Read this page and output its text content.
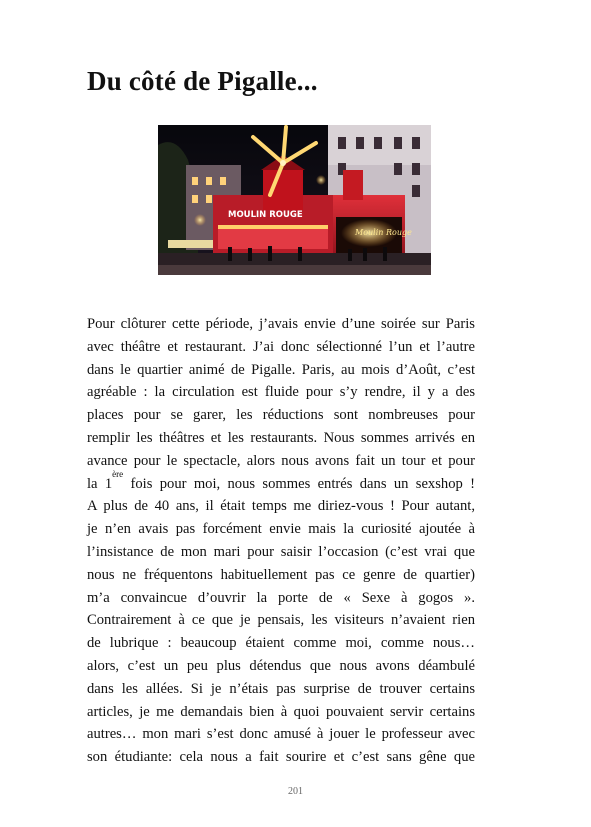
Du côté de Pigalle...
Moulin Rouge
MOULIN ROUGE
Pour clôturer cette période, j’avais envie d’une soirée sur Paris
avec théâtre et restaurant. J’ai donc sélectionné l’un et l’autre
dans le quartier animé de Pigalle. Paris, au mois d’Août, c’est
agréable : la circulation est fluide pour s’y rendre, il y a des
places pour se garer, les réductions sont nombreuses pour
remplir les théâtres et les restaurants. Nous sommes arrivés en
avance pour le spectacle, alors nous avons fait un tour et pour
la 1ère fois pour moi, nous sommes entrés dans un sexshop !
A plus de 40 ans, il était temps me diriez-vous ! Pour autant,
je n’en avais pas forcément envie mais la curiosité ajoutée à
l’insistance de mon mari pour saisir l’occasion (c’est vrai que
nous ne fréquentons habituellement pas ce genre de quartier)
m’a convaincue d’ouvrir la porte de « Sexe à gogos ».
Contrairement à ce que je pensais, les visiteurs n’avaient rien
de lubrique : beaucoup étaient comme moi, comme nous…
alors, c’est un peu plus détendus que nous avons déambulé
dans les allées. Si je n’étais pas surprise de trouver certains
articles, je me demandais bien à quoi pouvaient servir certains
autres… mon mari s’est donc amusé à jouer le professeur avec
son étudiante: cela nous a fait sourire et c’est sans gêne que
201
